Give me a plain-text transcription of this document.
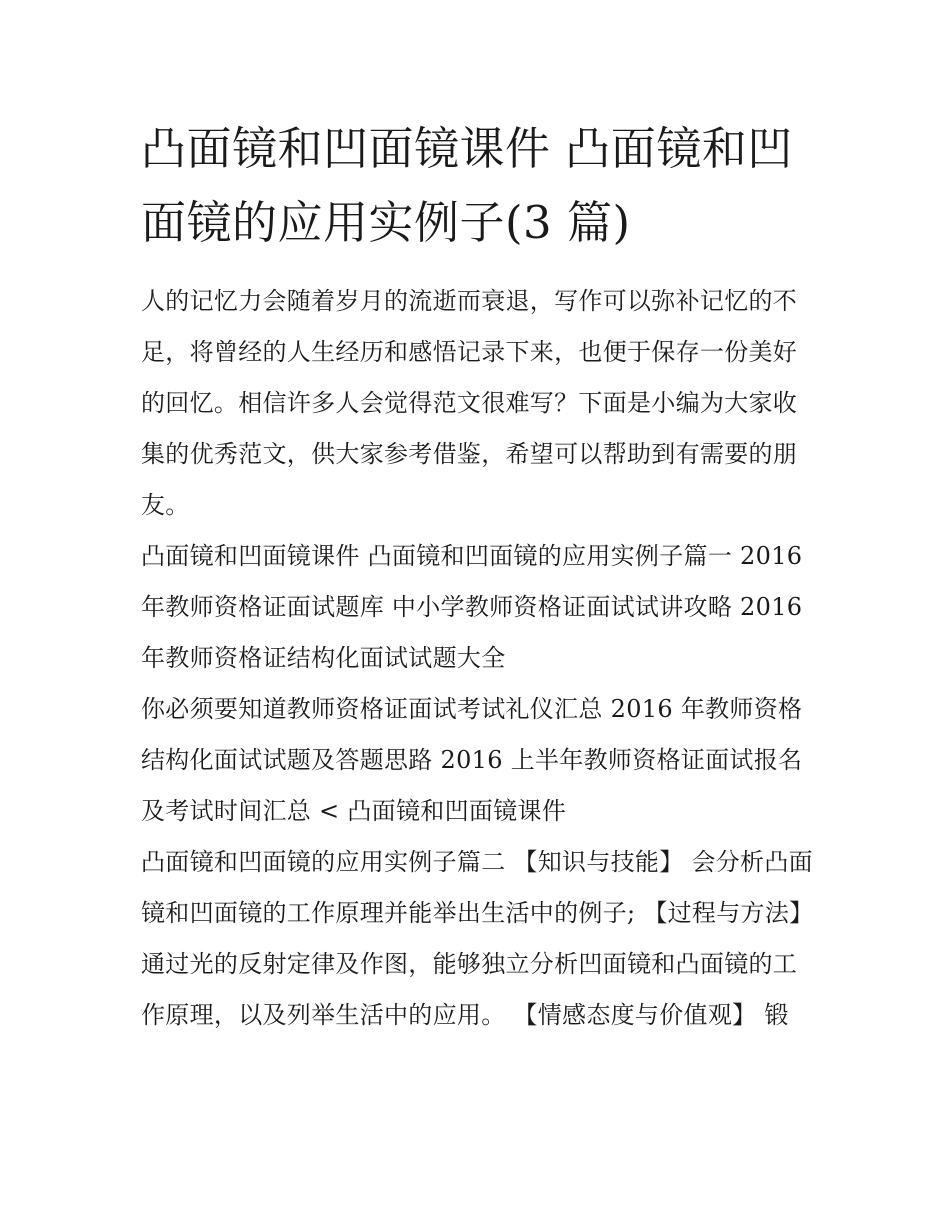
凸面镜和凹面镜课件 凸面镜和凹面镜的应用实例子(3 篇)

人的记忆力会随着岁月的流逝而衰退，写作可以弥补记忆的不足，将曾经的人生经历和感悟记录下来，也便于保存一份美好的回忆。相信许多人会觉得范文很难写？下面是小编为大家收集的优秀范文，供大家参考借鉴，希望可以帮助到有需要的朋友。

凸面镜和凹面镜课件 凸面镜和凹面镜的应用实例子篇一 2016 年教师资格证面试题库 中小学教师资格证面试试讲攻略 2016 年教师资格证结构化面试试题大全

你必须要知道教师资格证面试考试礼仪汇总 2016 年教师资格结构化面试试题及答题思路 2016 上半年教师资格证面试报名及考试时间汇总 < 凸面镜和凹面镜课件

凸面镜和凹面镜的应用实例子篇二 【知识与技能】 会分析凸面镜和凹面镜的工作原理并能举出生活中的例子; 【过程与方法】

通过光的反射定律及作图，能够独立分析凹面镜和凸面镜的工作原理，以及列举生活中的应用。 【情感态度与价值观】 锻
